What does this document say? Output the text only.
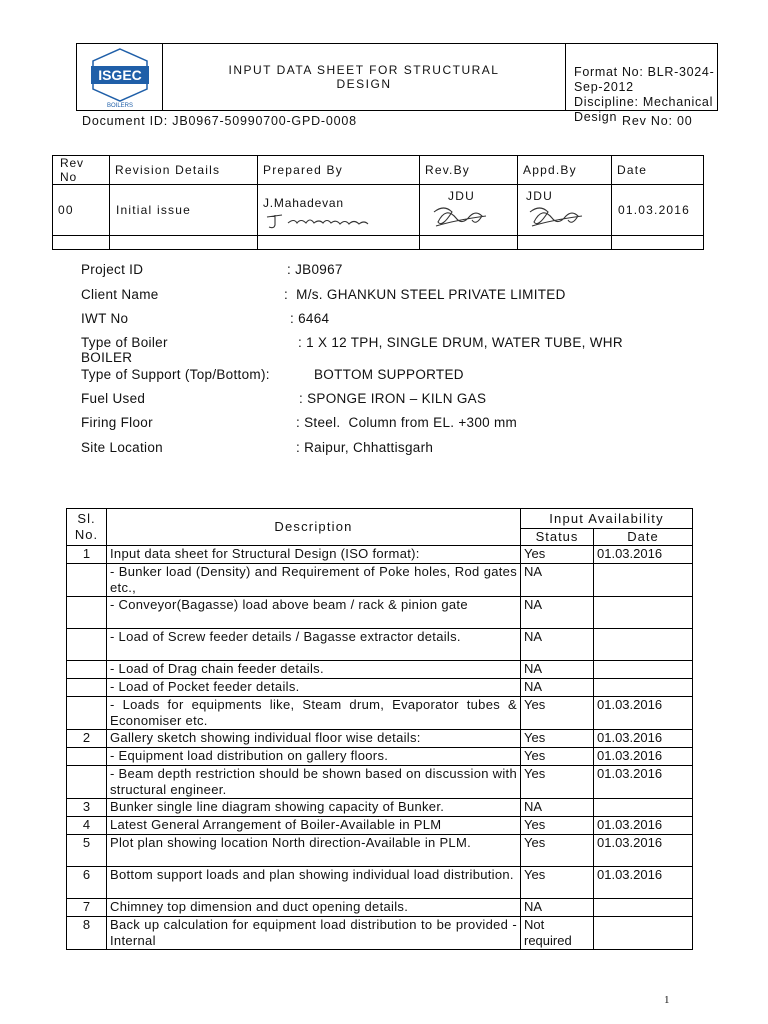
ISGEC
BOILERS
INPUT DATA SHEET FOR STRUCTURAL DESIGN
Format No: BLR-3024-Sep-2012
Discipline: Mechanical Design
Document ID: JB0967-50990700-GPD-0008	Rev No: 00
Rev No	Revision Details	Prepared By	Rev.By	Appd.By	Date
00	Initial issue	J.Mahadevan	JDU	JDU	01.03.2016

Project ID	: JB0967
Client Name	:  M/s. GHANKUN STEEL PRIVATE LIMITED
IWT No	: 6464
Type of Boiler	: 1 X 12 TPH, SINGLE DRUM, WATER TUBE, WHR
BOILER
Type of Support (Top/Bottom):	BOTTOM SUPPORTED
Fuel Used	: SPONGE IRON – KILN GAS
Firing Floor	: Steel.  Column from EL. +300 mm
Site Location	: Raipur, Chhattisgarh
Sl. No.	Description	Input Availability	
		Status	Date
1	Input data sheet for Structural Design (ISO format):	Yes	01.03.2016
	- Bunker load (Density) and Requirement of Poke holes, Rod gates etc.,	NA	
	- Conveyor(Bagasse) load above beam / rack & pinion gate	NA	
	- Load of Screw feeder details / Bagasse extractor details.	NA	
	- Load of Drag chain feeder details.	NA	
	- Load of Pocket feeder details.	NA	
	- Loads for equipments like, Steam drum, Evaporator tubes & Economiser etc.	Yes	01.03.2016
2	Gallery sketch showing individual floor wise details:	Yes	01.03.2016
	- Equipment load distribution on gallery floors.	Yes	01.03.2016
	- Beam depth restriction should be shown based on discussion with structural engineer.	Yes	01.03.2016
3	Bunker single line diagram showing capacity of Bunker.	NA	
4	Latest General Arrangement of Boiler-Available in PLM	Yes	01.03.2016
5	Plot plan showing location North direction-Available in PLM.	Yes	01.03.2016
6	Bottom support loads and plan showing individual load distribution.	Yes	01.03.2016
7	Chimney top dimension and duct opening details.	NA	
8	Back up calculation for equipment load distribution to be provided - Internal	Not required	
1
